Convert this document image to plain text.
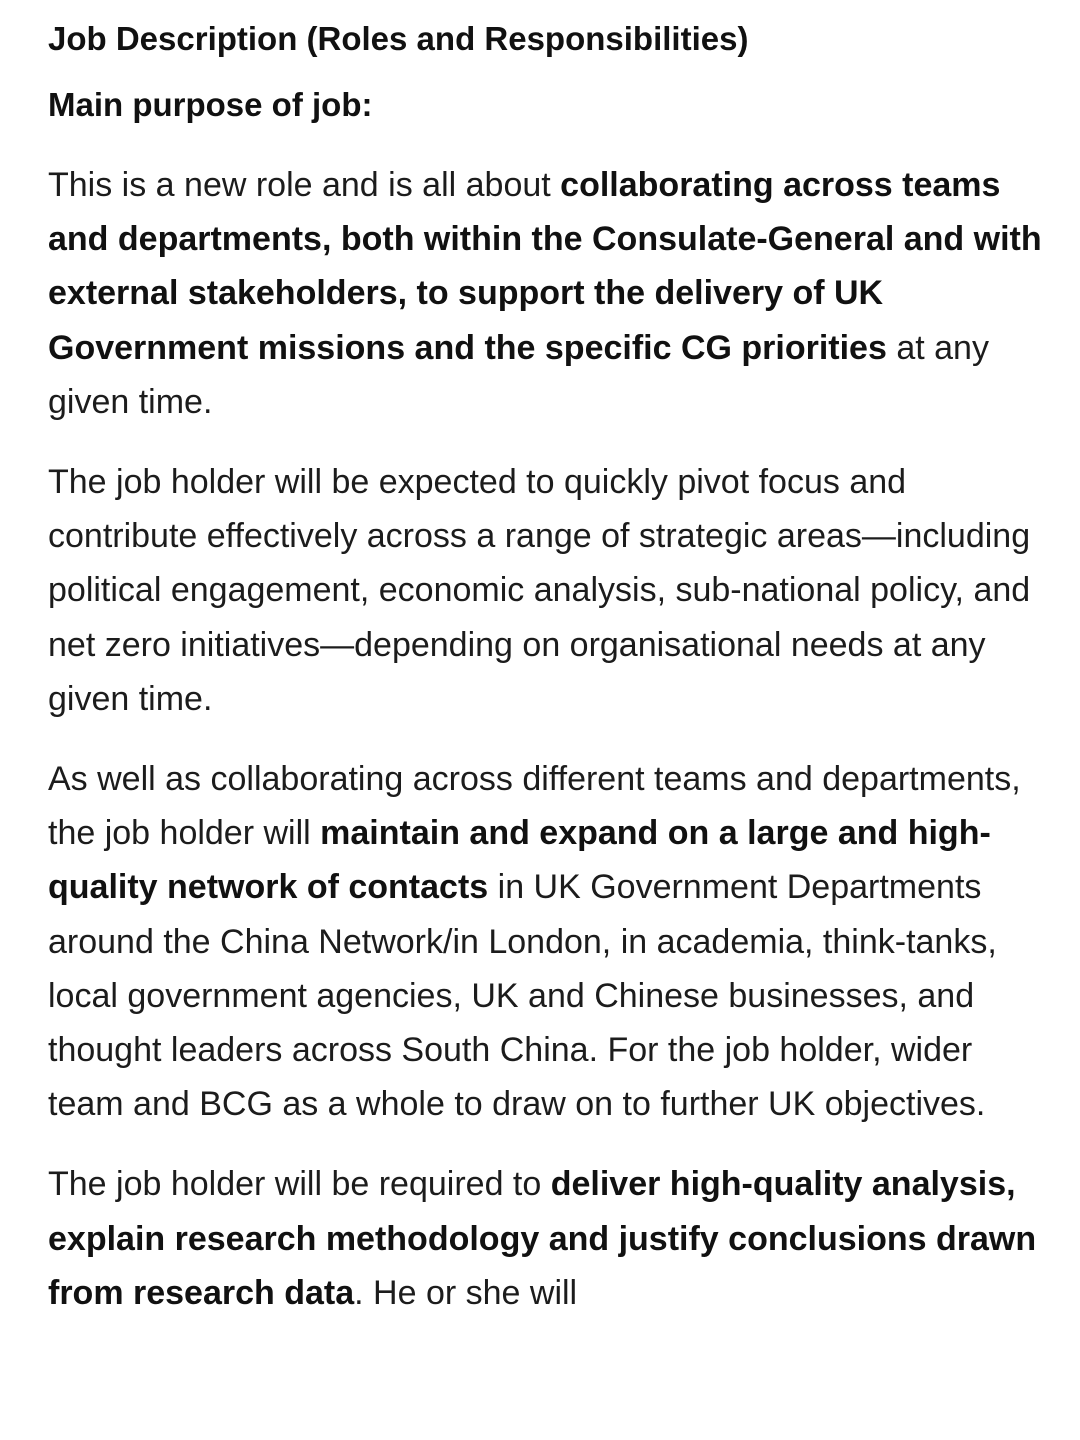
Job Description (Roles and Responsibilities)
Main purpose of job:

This is a new role and is all about collaborating across teams and departments, both within the Consulate-General and with external stakeholders, to support the delivery of UK Government missions and the specific CG priorities at any given time.

The job holder will be expected to quickly pivot focus and contribute effectively across a range of strategic areas—including political engagement, economic analysis, sub-national policy, and net zero initiatives—depending on organisational needs at any given time.

As well as collaborating across different teams and departments, the job holder will maintain and expand on a large and high-quality network of contacts in UK Government Departments around the China Network/in London, in academia, think-tanks, local government agencies, UK and Chinese businesses, and thought leaders across South China. For the job holder, wider team and BCG as a whole to draw on to further UK objectives.

The job holder will be required to deliver high-quality analysis, explain research methodology and justify conclusions drawn from research data. He or she will
